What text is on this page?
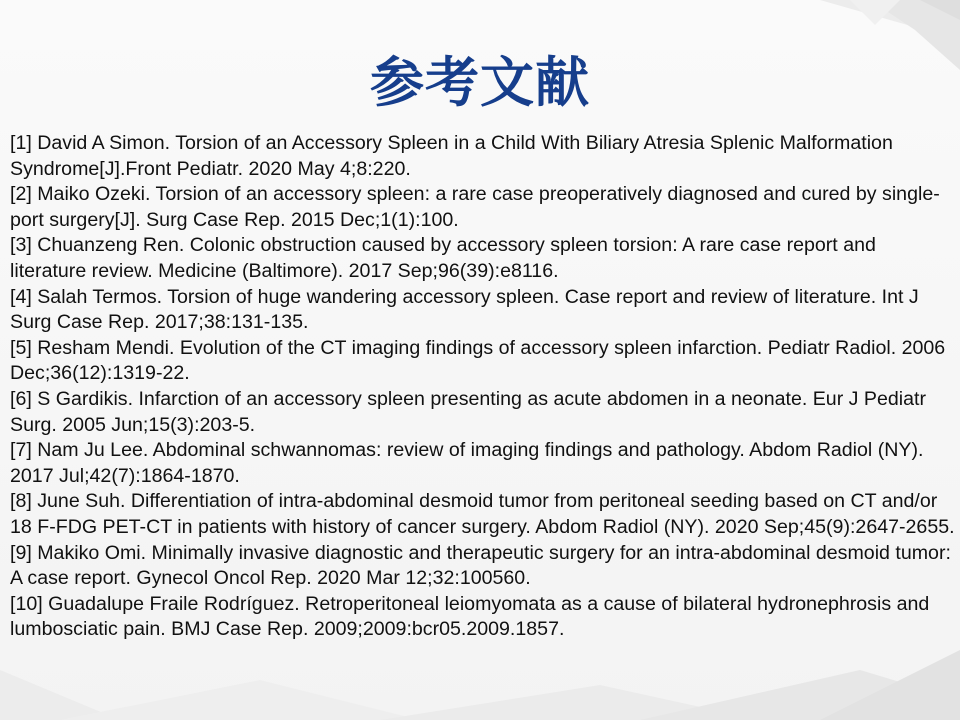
参考文献
[1] David A Simon. Torsion of an Accessory Spleen in a Child With Biliary Atresia Splenic Malformation Syndrome[J].Front Pediatr. 2020 May 4;8:220.
[2] Maiko Ozeki. Torsion of an accessory spleen: a rare case preoperatively diagnosed and cured by single-port surgery[J]. Surg Case Rep. 2015 Dec;1(1):100.
[3] Chuanzeng Ren. Colonic obstruction caused by accessory spleen torsion: A rare case report and literature review. Medicine (Baltimore). 2017 Sep;96(39):e8116.
[4] Salah Termos. Torsion of huge wandering accessory spleen. Case report and review of literature. Int J Surg Case Rep. 2017;38:131-135.
[5] Resham Mendi. Evolution of the CT imaging findings of accessory spleen infarction. Pediatr Radiol. 2006 Dec;36(12):1319-22.
[6] S Gardikis. Infarction of an accessory spleen presenting as acute abdomen in a neonate. Eur J Pediatr Surg. 2005 Jun;15(3):203-5.
[7] Nam Ju Lee. Abdominal schwannomas: review of imaging findings and pathology. Abdom Radiol (NY). 2017 Jul;42(7):1864-1870.
[8] June Suh. Differentiation of intra-abdominal desmoid tumor from peritoneal seeding based on CT and/or 18 F-FDG PET-CT in patients with history of cancer surgery. Abdom Radiol (NY). 2020 Sep;45(9):2647-2655.
[9] Makiko Omi. Minimally invasive diagnostic and therapeutic surgery for an intra-abdominal desmoid tumor: A case report. Gynecol Oncol Rep. 2020 Mar 12;32:100560.
[10] Guadalupe Fraile Rodríguez. Retroperitoneal leiomyomata as a cause of bilateral hydronephrosis and lumbosciatic pain. BMJ Case Rep. 2009;2009:bcr05.2009.1857.
